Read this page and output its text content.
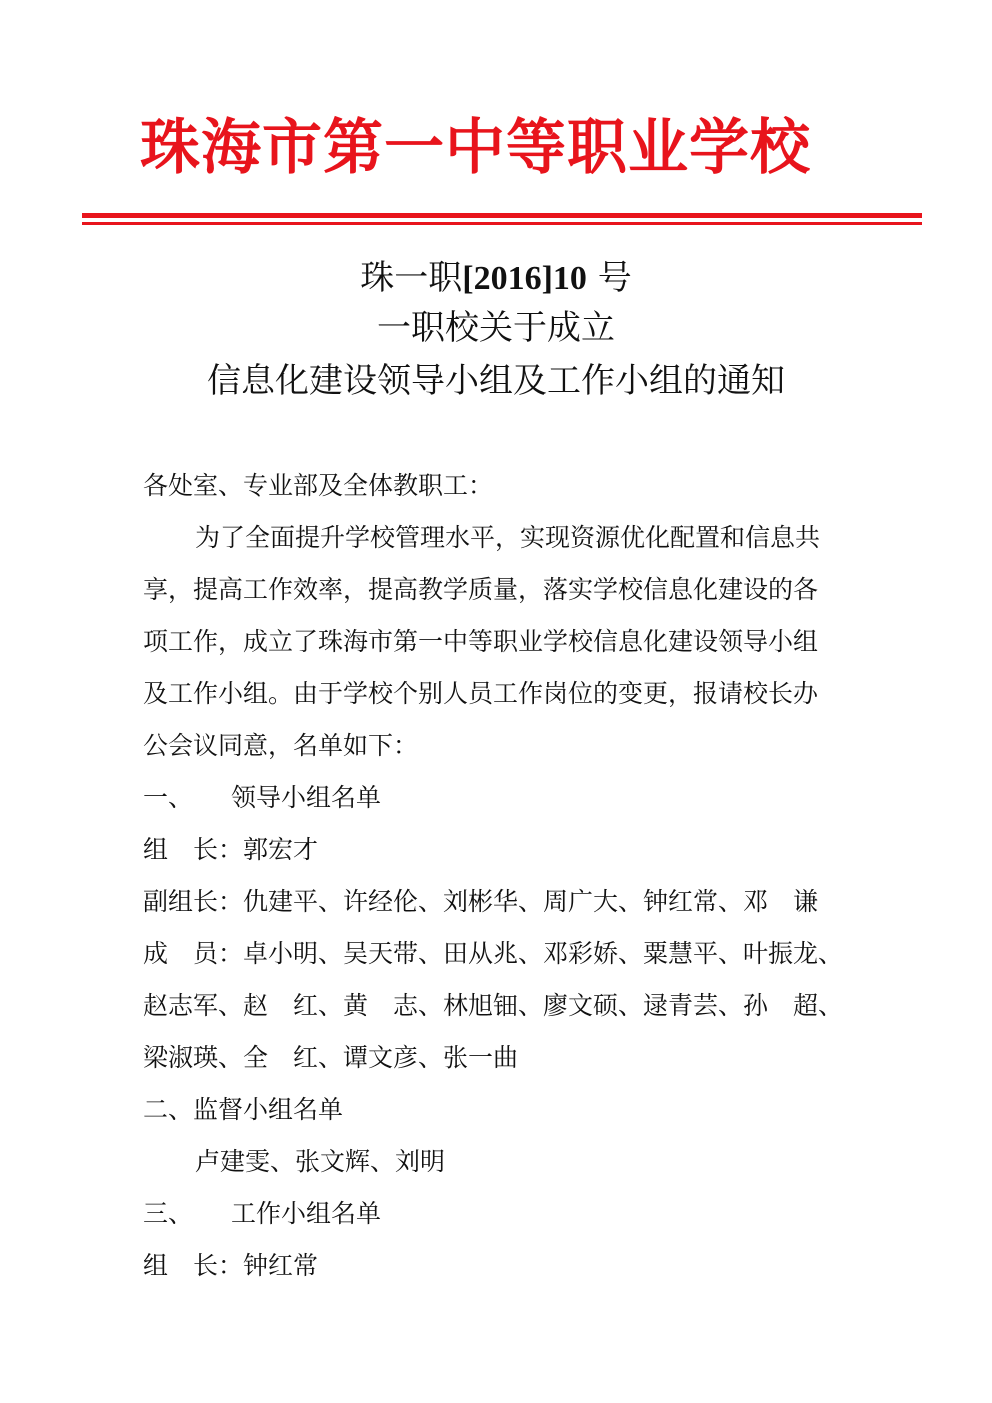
珠海市第一中等职业学校
珠一职[2016]10 号
一职校关于成立
信息化建设领导小组及工作小组的通知
各处室、专业部及全体教职工：
为了全面提升学校管理水平，实现资源优化配置和信息共
享，提高工作效率，提高教学质量，落实学校信息化建设的各
项工作，成立了珠海市第一中等职业学校信息化建设领导小组
及工作小组。由于学校个别人员工作岗位的变更，报请校长办
公会议同意，名单如下：
一、 领导小组名单
组　长：郭宏才
副组长：仇建平、许经伦、刘彬华、周广大、钟红常、邓　谦
成　员：卓小明、吴天带、田从兆、邓彩娇、粟慧平、叶振龙、
赵志军、赵　红、黄　志、林旭钿、廖文硕、逯青芸、孙　超、
梁淑瑛、全　红、谭文彦、张一曲
二、监督小组名单
卢建雯、张文辉、刘明
三、 工作小组名单
组　长：钟红常
